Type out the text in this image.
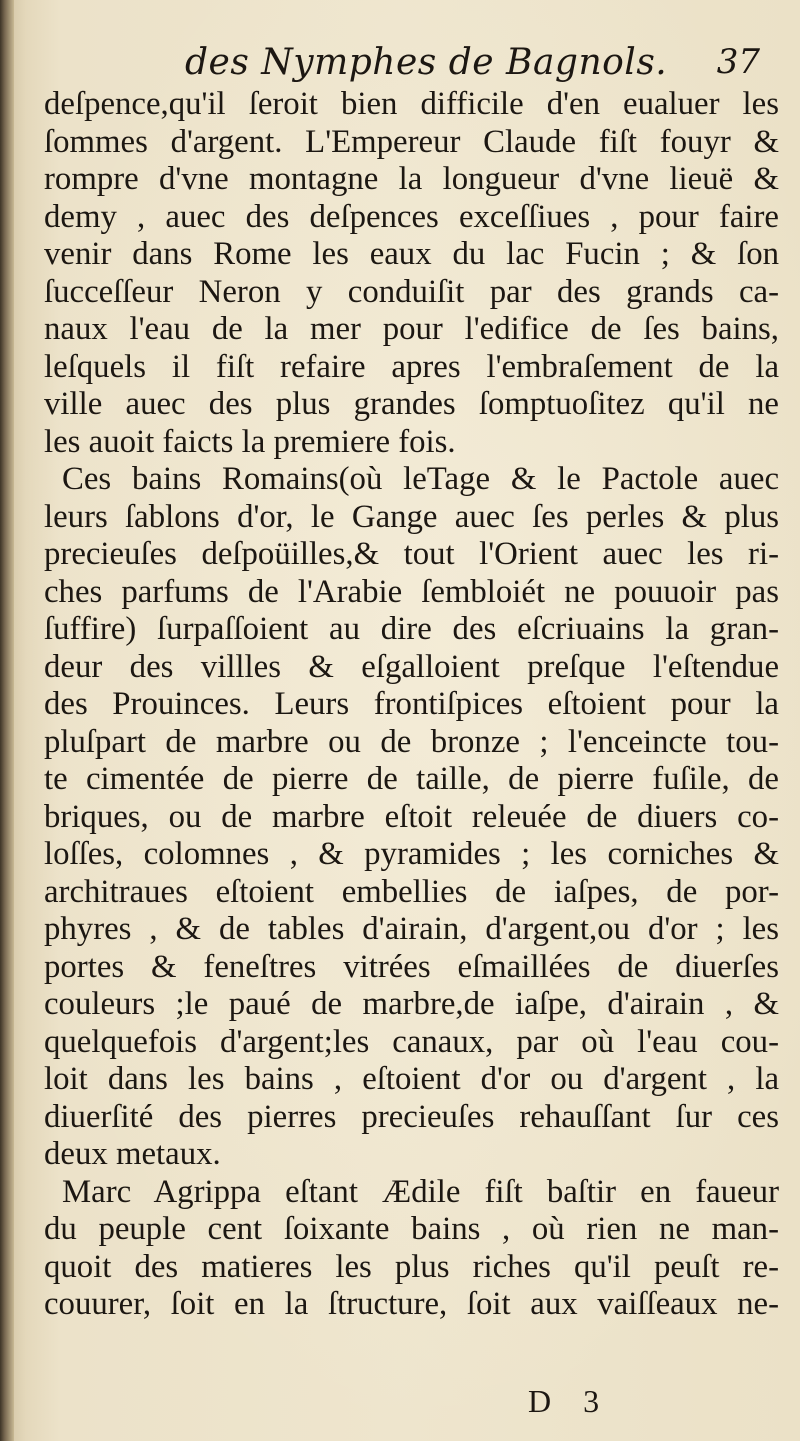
des Nymphes de Bagnols. 37
deſpence,qu'il ſeroit bien difficile d'en eualuer les
ſommes d'argent. L'Empereur Claude fiſt fouyr &
rompre d'vne montagne la longueur d'vne lieuë &
demy , auec des deſpences exceſſiues , pour faire
venir dans Rome les eaux du lac Fucin ; & ſon
ſucceſſeur Neron y conduiſit par des grands ca-
naux l'eau de la mer pour l'edifice de ſes bains,
leſquels il fiſt refaire apres l'embraſement de la
ville auec des plus grandes ſomptuoſitez qu'il ne
les auoit faicts la premiere fois.
Ces bains Romains(où leTage & le Pactole auec
leurs ſablons d'or, le Gange auec ſes perles & plus
precieuſes deſpoüilles,& tout l'Orient auec les ri-
ches parfums de l'Arabie ſembloiét ne pouuoir pas
ſuffire) ſurpaſſoient au dire des eſcriuains la gran-
deur des villles & eſgalloient preſque l'eſtendue
des Prouinces. Leurs frontiſpices eſtoient pour la
pluſpart de marbre ou de bronze ; l'enceincte tou-
te cimentée de pierre de taille, de pierre fuſile, de
briques, ou de marbre eſtoit releuée de diuers co-
loſſes, colomnes , & pyramides ; les corniches &
architraues eſtoient embellies de iaſpes, de por-
phyres , & de tables d'airain, d'argent,ou d'or ; les
portes & feneſtres vitrées eſmaillées de diuerſes
couleurs ;le paué de marbre,de iaſpe, d'airain , &
quelquefois d'argent;les canaux, par où l'eau cou-
loit dans les bains , eſtoient d'or ou d'argent , la
diuerſité des pierres precieuſes rehauſſant ſur ces
deux metaux.
Marc Agrippa eſtant Ædile fiſt baſtir en faueur
du peuple cent ſoixante bains , où rien ne man-
quoit des matieres les plus riches qu'il peuſt re-
couurer, ſoit en la ſtructure, ſoit aux vaiſſeaux ne-
D 3
